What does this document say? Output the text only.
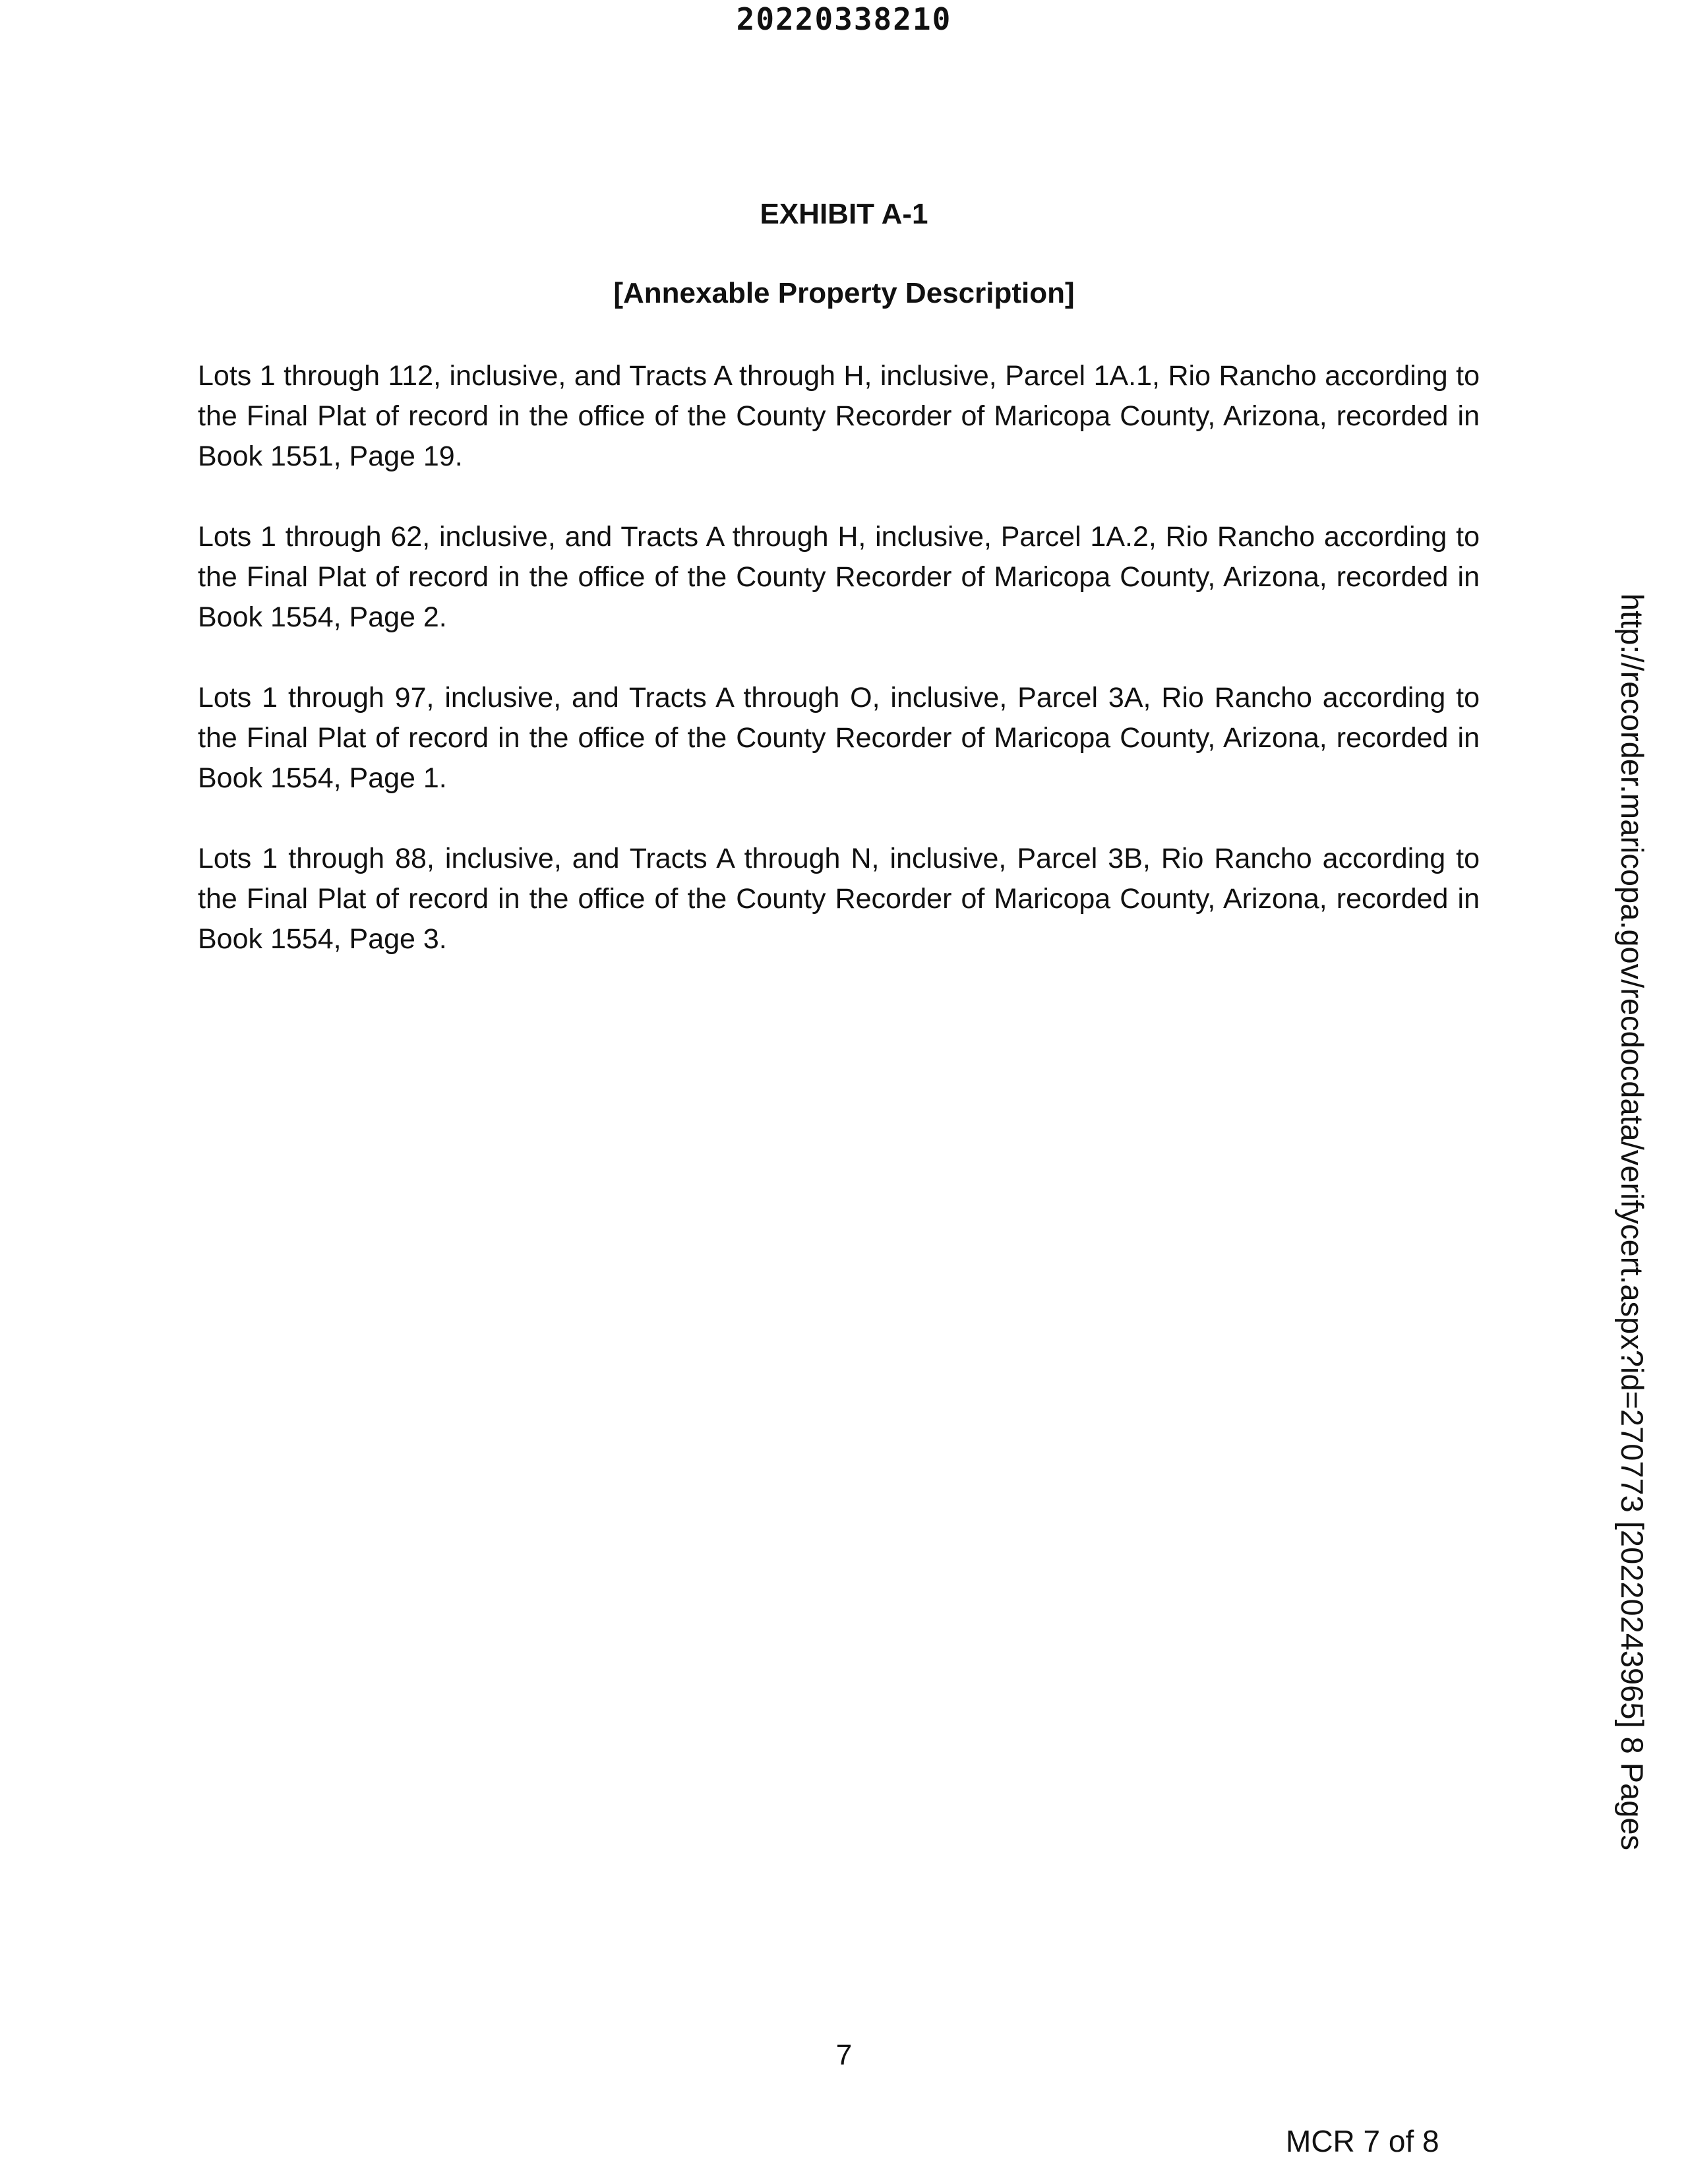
20220338210
EXHIBIT A-1
[Annexable Property Description]

Lots 1 through 112, inclusive, and Tracts A through H, inclusive, Parcel 1A.1, Rio Rancho according to the Final Plat of record in the office of the County Recorder of Maricopa County, Arizona, recorded in Book 1551, Page 19.

Lots 1 through 62, inclusive, and Tracts A through H, inclusive, Parcel 1A.2, Rio Rancho according to the Final Plat of record in the office of the County Recorder of Maricopa County, Arizona, recorded in Book 1554, Page 2.

Lots 1 through 97, inclusive, and Tracts A through O, inclusive, Parcel 3A, Rio Rancho according to the Final Plat of record in the office of the County Recorder of Maricopa County, Arizona, recorded in Book 1554, Page 1.

Lots 1 through 88, inclusive, and Tracts A through N, inclusive, Parcel 3B, Rio Rancho according to the Final Plat of record in the office of the County Recorder of Maricopa County, Arizona, recorded in Book 1554, Page 3.

7
MCR 7 of 8
http://recorder.maricopa.gov/recdocdata/verifycert.aspx?id=270773 [20220243965] 8 Pages
